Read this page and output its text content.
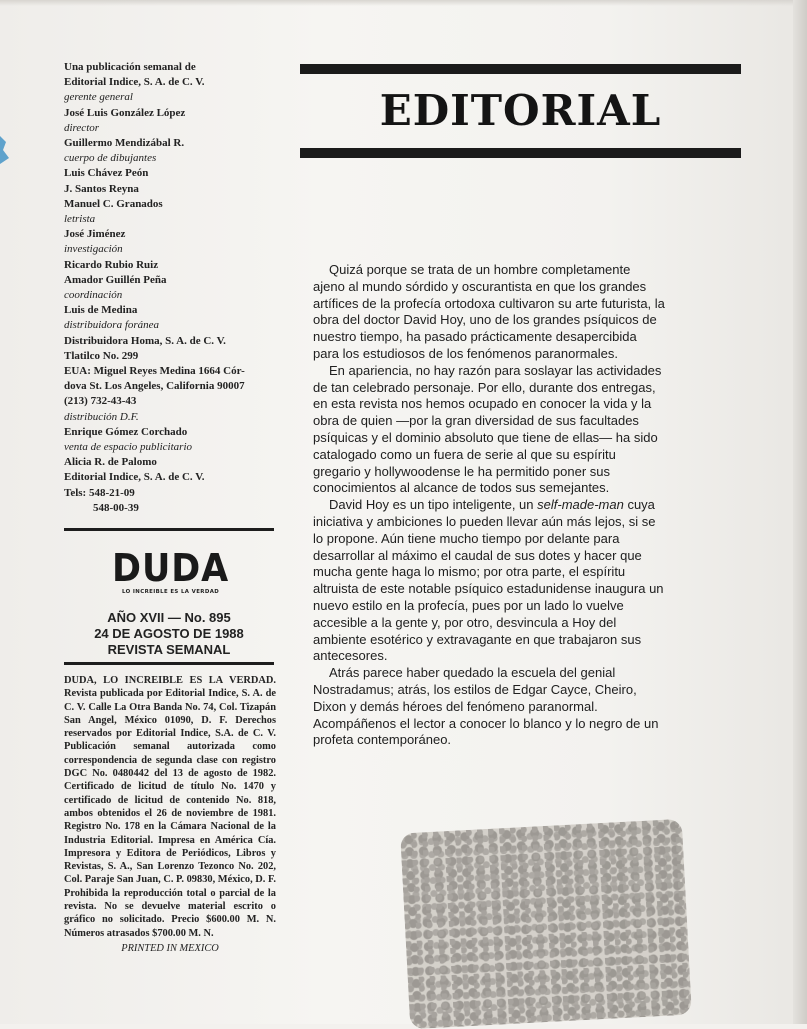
Una publicación semanal de
Editorial Indice, S. A. de C. V.
gerente general
José Luis González López
director
Guillermo Mendizábal R.
cuerpo de dibujantes
Luis Chávez Peón
J. Santos Reyna
Manuel C. Granados
letrista
José Jiménez
investigación
Ricardo Rubio Ruiz
Amador Guillén Peña
coordinación
Luis de Medina
distribuidora foránea
Distribuidora Homa, S. A. de C. V.
Tlatilco No. 299
EUA: Miguel Reyes Medina 1664 Cór-
dova St. Los Angeles, California 90007
(213) 732-43-43
distribución D.F.
Enrique Gómez Corchado
venta de espacio publicitario
Alicia R. de Palomo
Editorial Indice, S. A. de C. V.
Tels: 548-21-09
548-00-39
DUDA
LO INCREIBLE ES LA VERDAD
AÑO XVII — No. 895
24 DE AGOSTO DE 1988
REVISTA SEMANAL
DUDA, LO INCREIBLE ES LA VERDAD. Revista publicada por Editorial Indice, S. A. de C. V. Calle La Otra Banda No. 74, Col. Tizapán San Angel, México 01090, D. F. Derechos reservados por Editorial Indice, S.A. de C. V. Publicación semanal autorizada como correspondencia de segunda clase con registro DGC No. 0480442 del 13 de agosto de 1982. Certificado de licitud de título No. 1470 y certificado de licitud de contenido No. 818, ambos obtenidos el 26 de noviembre de 1981. Registro No. 178 en la Cámara Nacional de la Industria Editorial. Impresa en América Cía. Impresora y Editora de Periódicos, Libros y Revistas, S. A., San Lorenzo Tezonco No. 202, Col. Paraje San Juan, C. P. 09830, México, D. F. Prohibida la reproducción total o parcial de la revista. No se devuelve material escrito o gráfico no solicitado. Precio $600.00 M. N. Números atrasados $700.00 M. N.
PRINTED IN MEXICO
EDITORIAL

Quizá porque se trata de un hombre completamente ajeno al mundo sórdido y oscurantista en que los grandes artífices de la profecía ortodoxa cultivaron su arte futurista, la obra del doctor David Hoy, uno de los grandes psíquicos de nuestro tiempo, ha pasado prácticamente desapercibida para los estudiosos de los fenómenos paranormales.

En apariencia, no hay razón para soslayar las actividades de tan celebrado personaje. Por ello, durante dos entregas, en esta revista nos hemos ocupado en conocer la vida y la obra de quien —por la gran diversidad de sus facultades psíquicas y el dominio absoluto que tiene de ellas— ha sido catalogado como un fuera de serie al que su espíritu gregario y hollywoodense le ha permitido poner sus conocimientos al alcance de todos sus semejantes.

David Hoy es un tipo inteligente, un self-made-man cuya iniciativa y ambiciones lo pueden llevar aún más lejos, si se lo propone. Aún tiene mucho tiempo por delante para desarrollar al máximo el caudal de sus dotes y hacer que mucha gente haga lo mismo; por otra parte, el espíritu altruista de este notable psíquico estadunidense inaugura un nuevo estilo en la profecía, pues por un lado lo vuelve accesible a la gente y, por otro, desvincula a Hoy del ambiente esotérico y extravagante en que trabajaron sus antecesores.

Atrás parece haber quedado la escuela del genial Nostradamus; atrás, los estilos de Edgar Cayce, Cheiro, Dixon y demás héroes del fenómeno paranormal. Acompáñenos el lector a conocer lo blanco y lo negro de un profeta contemporáneo.
